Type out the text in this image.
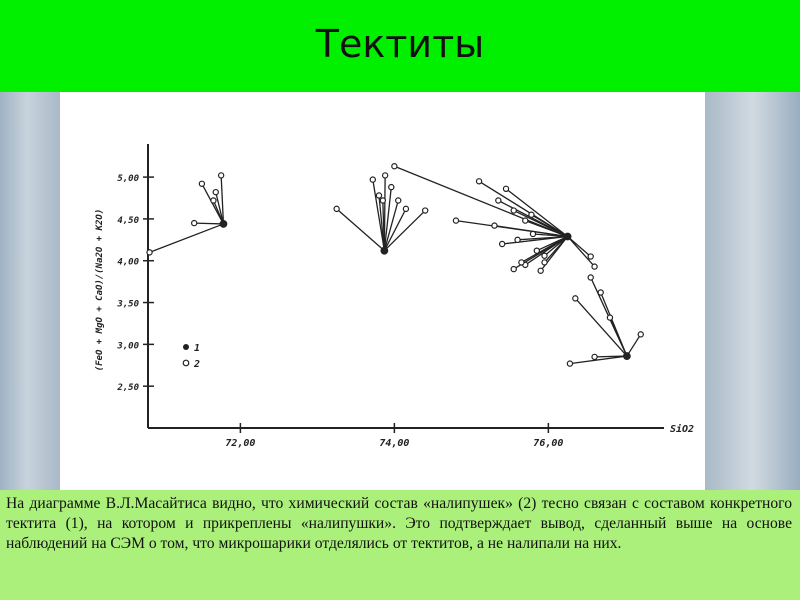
Тектиты
2,50
3,00
3,50
4,00
4,50
5,00
72,00	74,00	76,00
SiO2
(FeO + MgO + CaO)/(Na2O + K2O)	1
2

На диаграмме В.Л.Масайтиса видно, что химический состав «налипушек» (2) тесно связан с составом конкретного тектита (1), на котором и прикреплены «налипушки». Это подтверждает вывод, сделанный выше на основе наблюдений на СЭМ о том, что микрошарики отделялись от тектитов, а не налипали на них.
